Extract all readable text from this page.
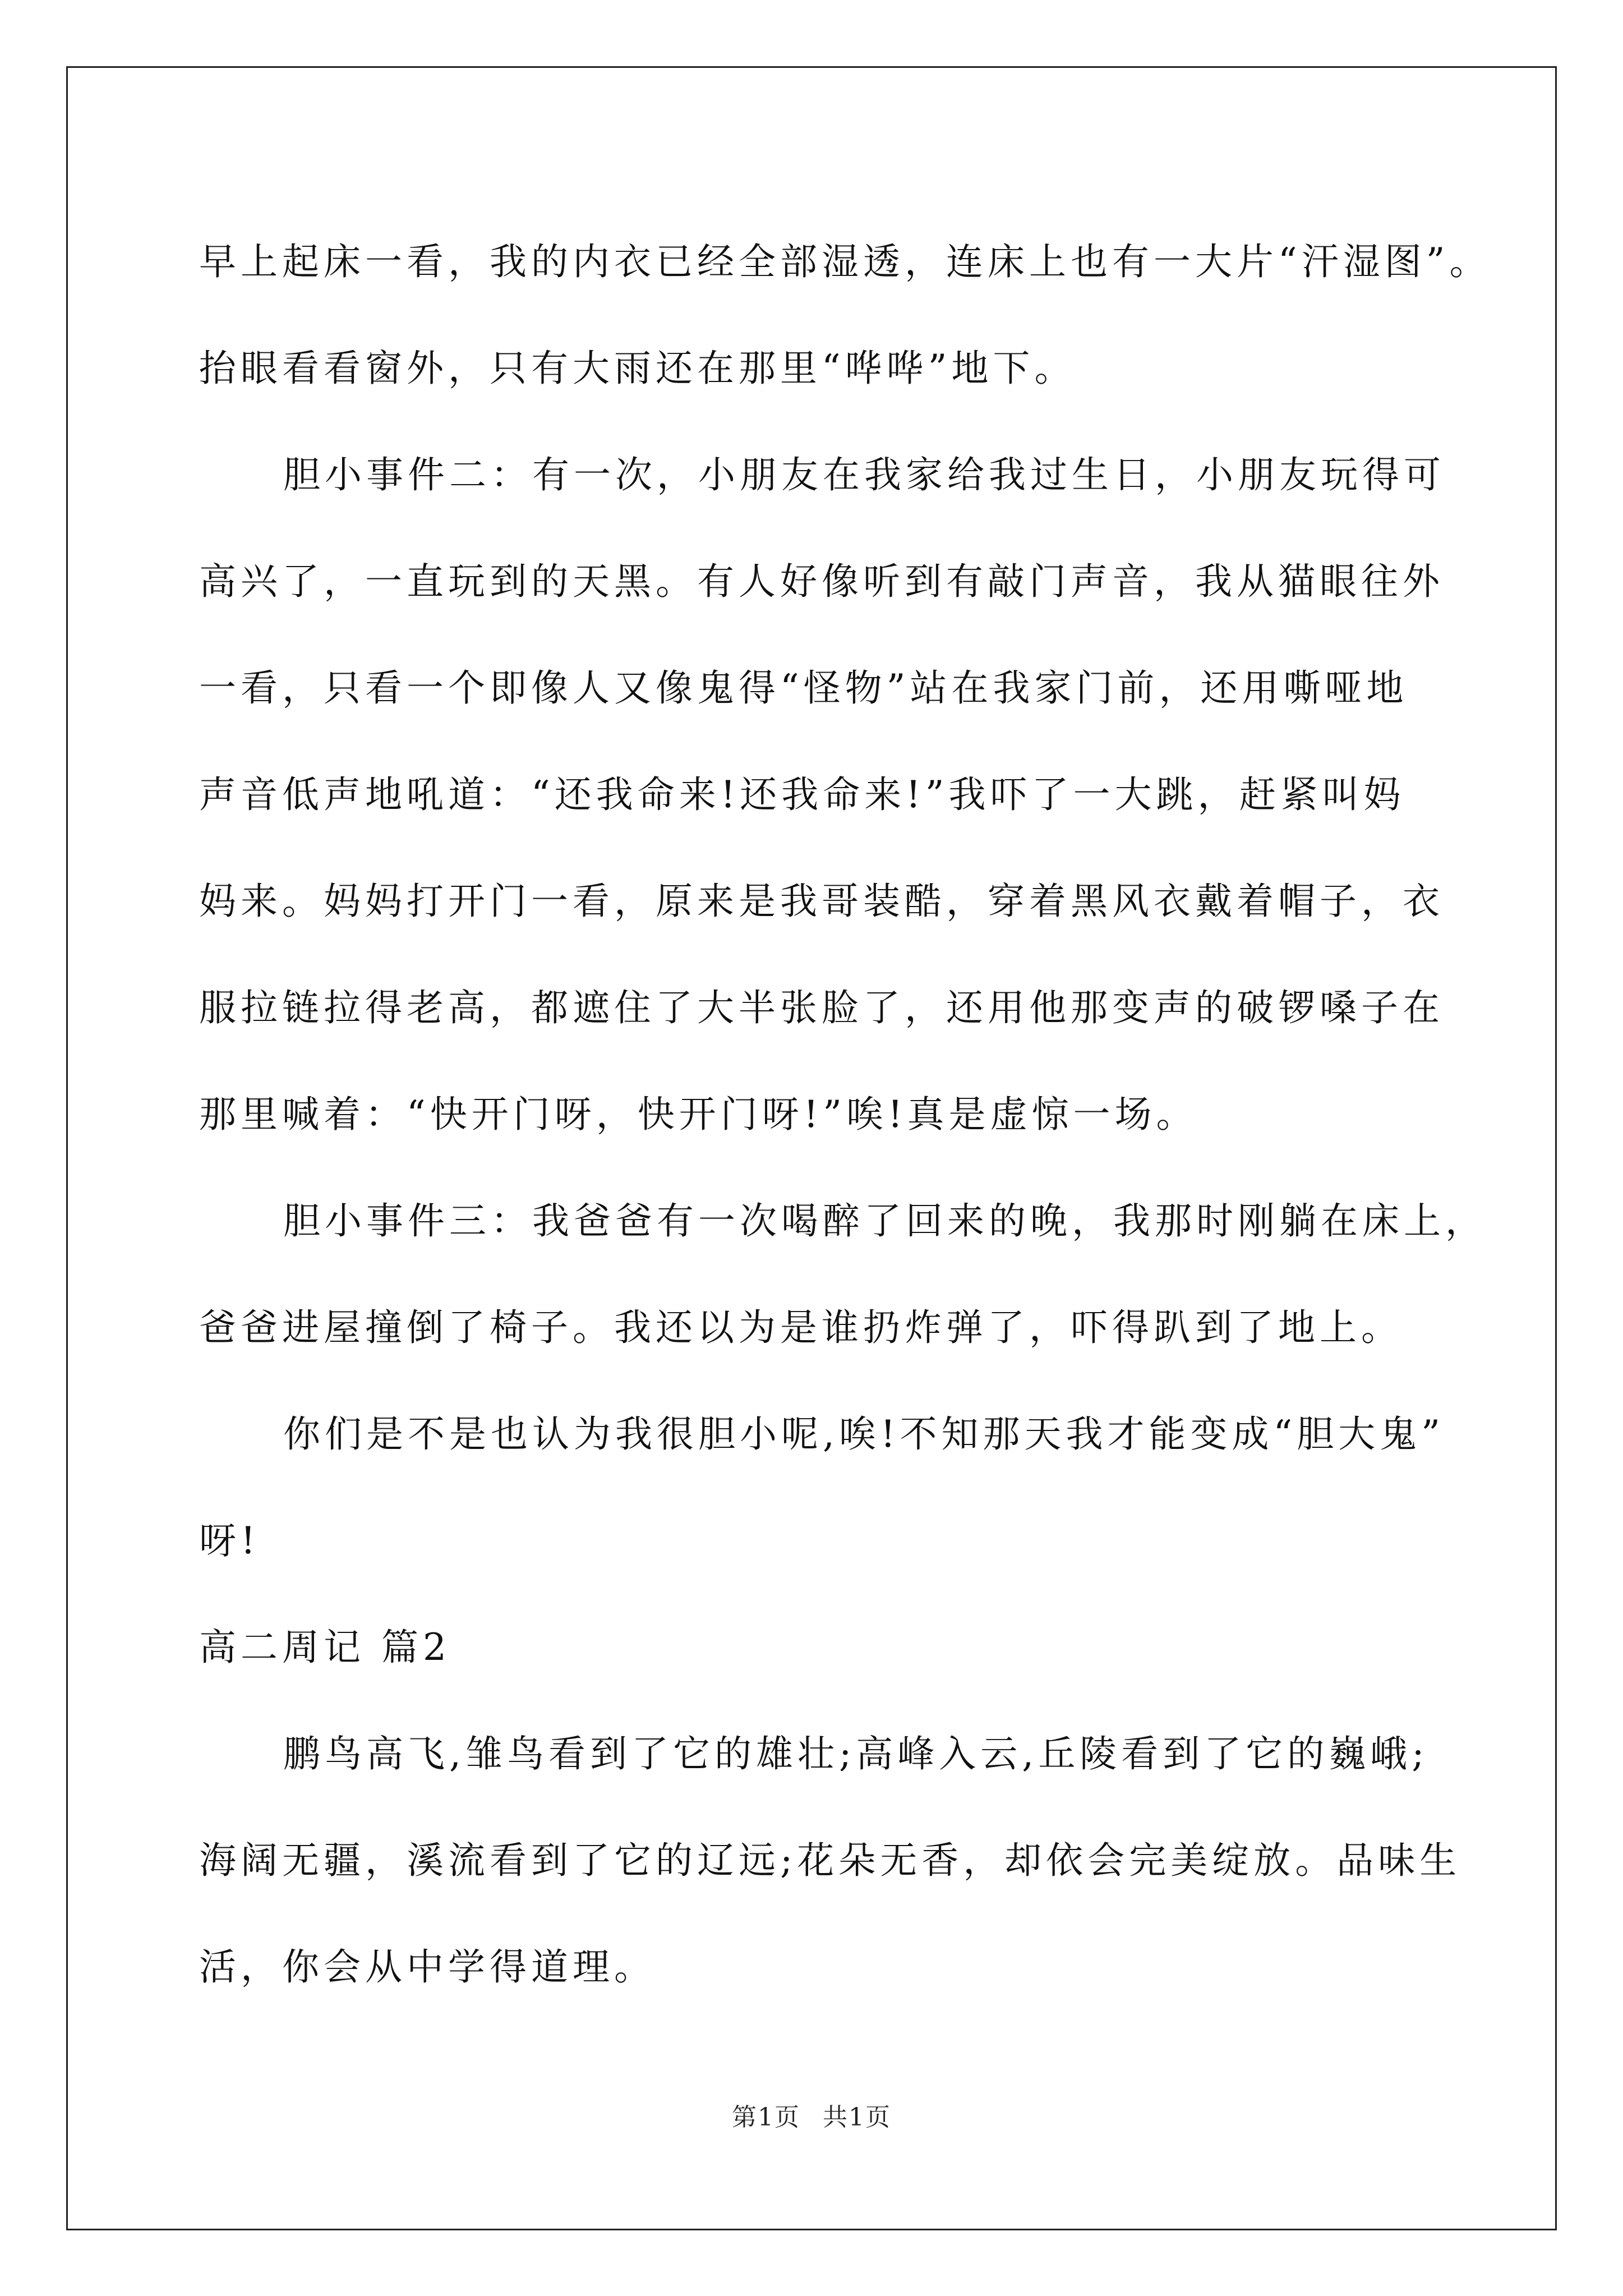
早上起床一看，我的内衣已经全部湿透，连床上也有一大片“汗湿图”。
抬眼看看窗外，只有大雨还在那里“哗哗”地下。
胆小事件二：有一次，小朋友在我家给我过生日，小朋友玩得可
高兴了，一直玩到的天黑。有人好像听到有敲门声音，我从猫眼往外
一看，只看一个即像人又像鬼得“怪物”站在我家门前，还用嘶哑地
声音低声地吼道：“还我命来!还我命来!”我吓了一大跳，赶紧叫妈
妈来。妈妈打开门一看，原来是我哥装酷，穿着黑风衣戴着帽子，衣
服拉链拉得老高，都遮住了大半张脸了，还用他那变声的破锣嗓子在
那里喊着：“快开门呀，快开门呀!”唉!真是虚惊一场。
胆小事件三：我爸爸有一次喝醉了回来的晚，我那时刚躺在床上，
爸爸进屋撞倒了椅子。我还以为是谁扔炸弹了，吓得趴到了地上。
你们是不是也认为我很胆小呢,唉!不知那天我才能变成“胆大鬼”
呀!
高二周记 篇2
鹏鸟高飞,雏鸟看到了它的雄壮;高峰入云,丘陵看到了它的巍峨;
海阔无疆，溪流看到了它的辽远;花朵无香，却依会完美绽放。品味生
活，你会从中学得道理。
第1页 共1页
